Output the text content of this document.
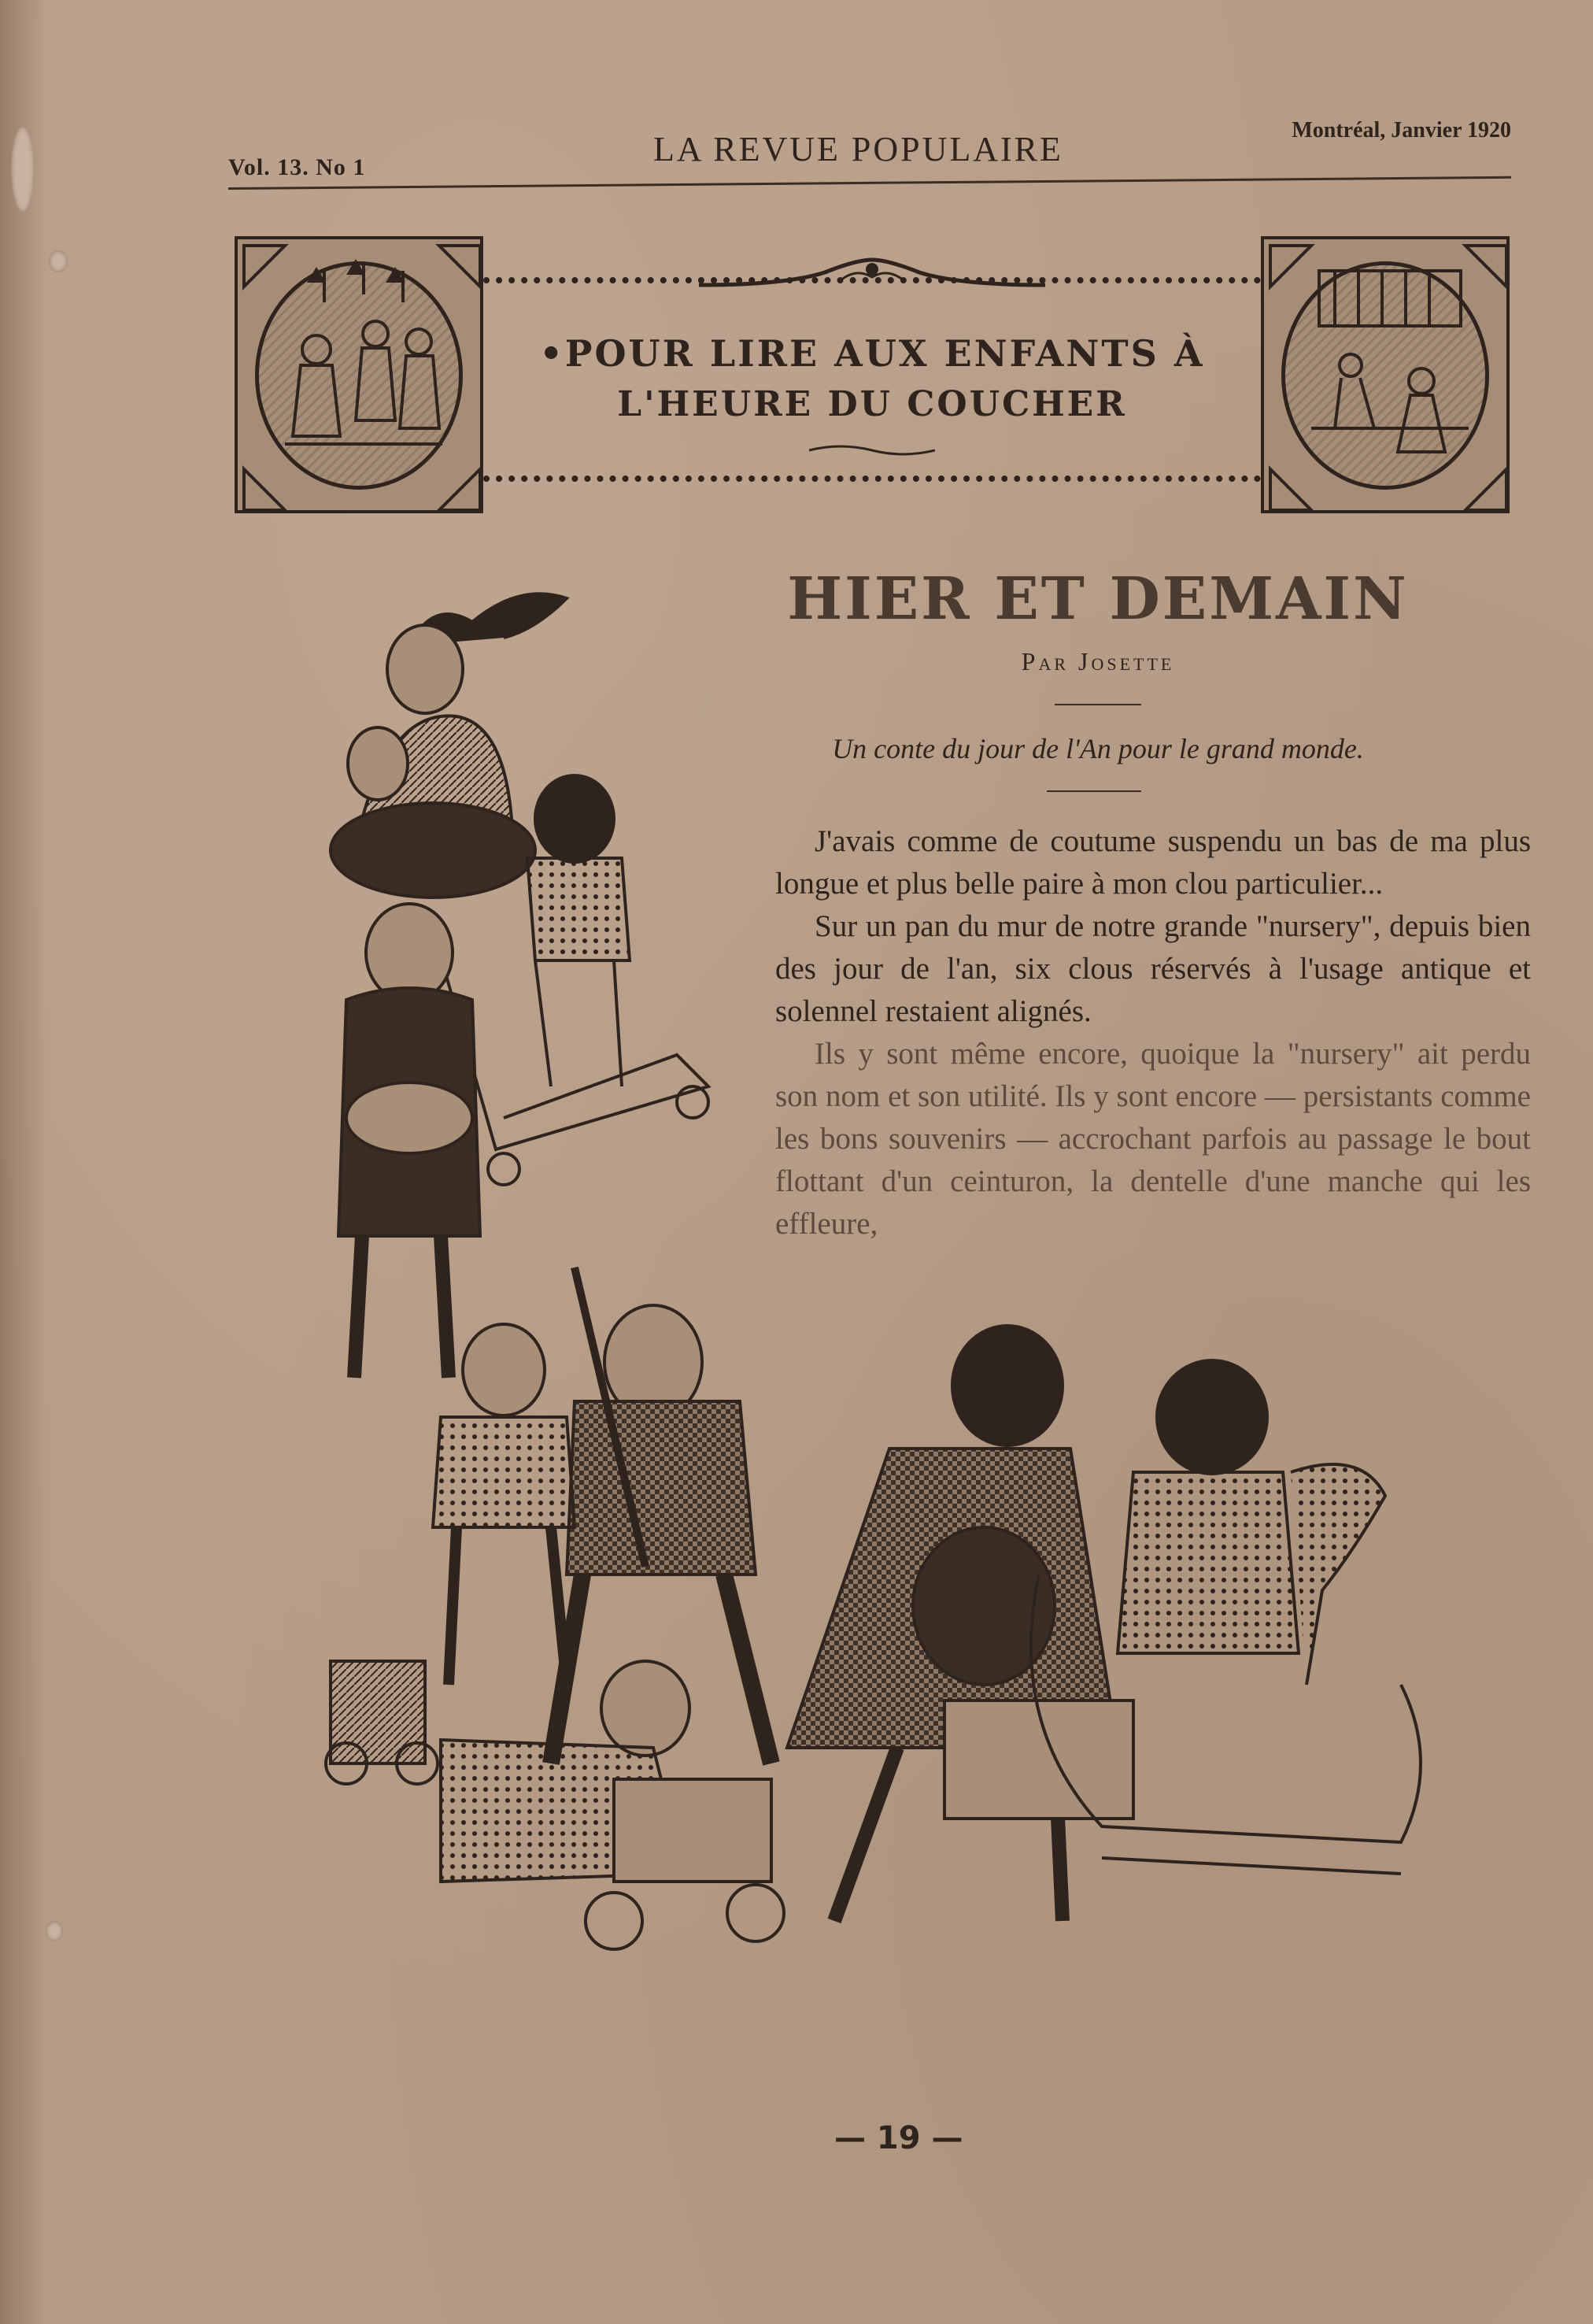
Vol. 13. No 1	LA REVUE POPULAIRE	Montréal, Janvier 1920
•POUR LIRE AUX ENFANTS À
L'HEURE DU COUCHER
HIER ET DEMAIN
Par Josette
Un conte du jour de l'An pour le grand monde.

J'avais comme de coutume suspendu un bas de ma plus longue et plus belle paire à mon clou particulier...

Sur un pan du mur de notre grande "nursery", depuis bien des jour de l'an, six clous réservés à l'usage antique et solennel restaient alignés.

Ils y sont même encore, quoique la "nursery" ait perdu son nom et son utilité. Ils y sont encore — persistants comme les bons souvenirs — accrochant parfois au passage le bout flottant d'un ceinturon, la dentelle d'une manche qui les effleure,

— 19 —
